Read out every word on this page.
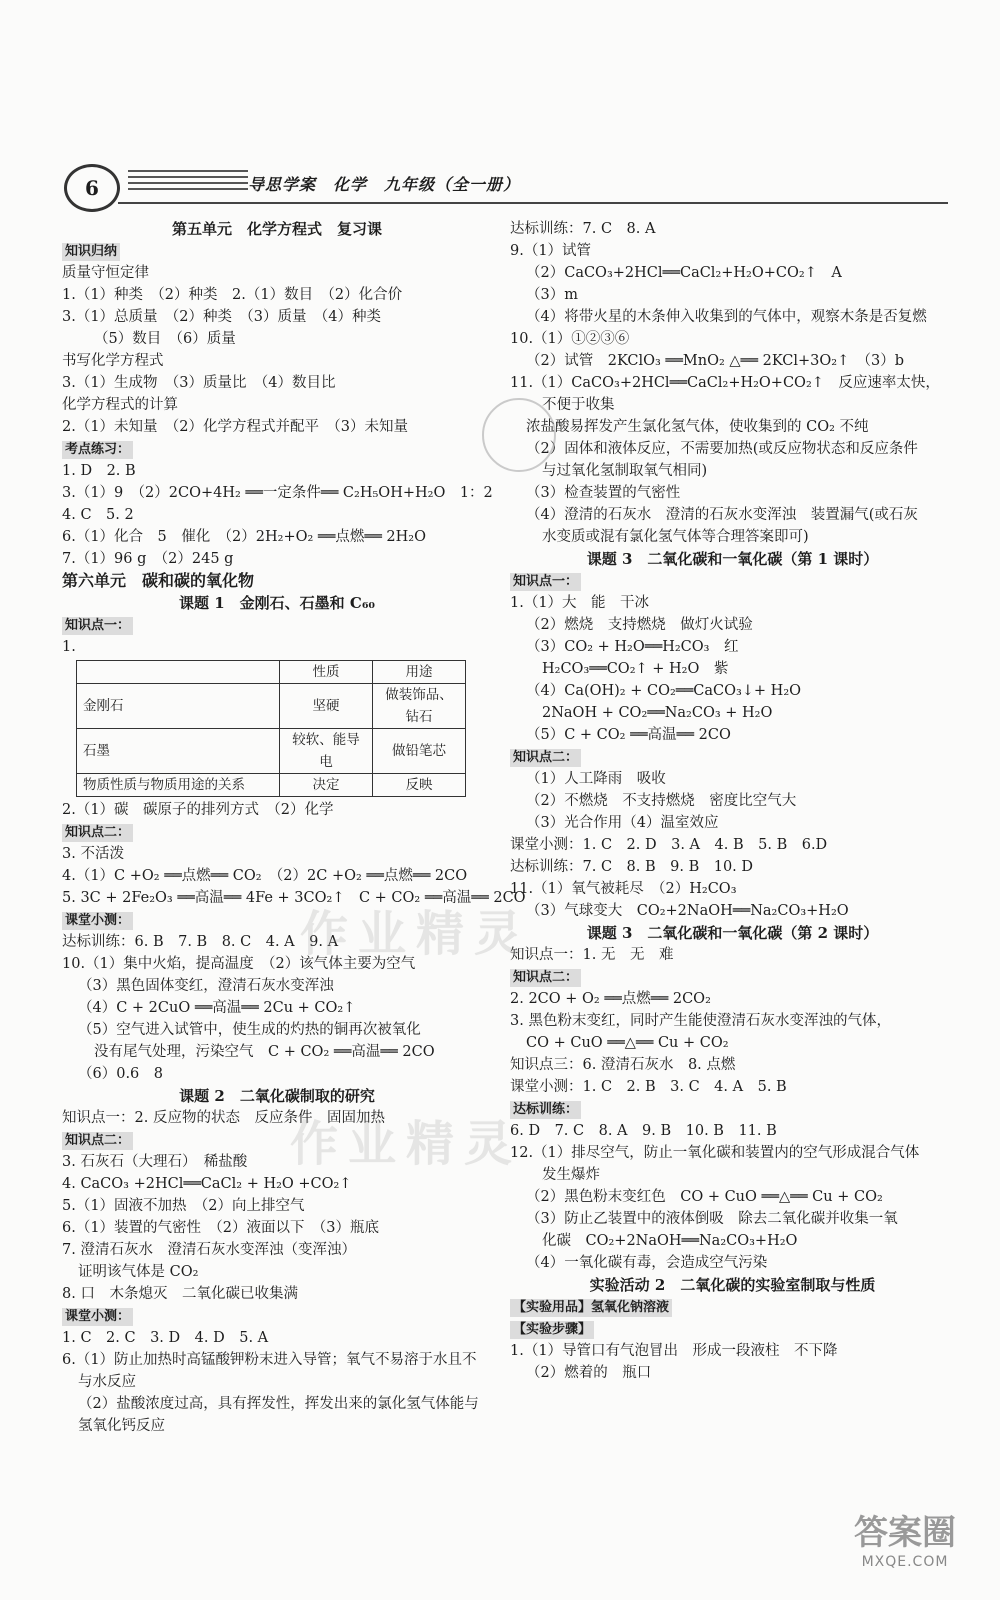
6	导思学案　化学　九年级（全一册）
第五单元　化学方程式　复习课
知识归纳
质量守恒定律
1.（1）种类　（2）种类　2.（1）数目　（2）化合价
3.（1）总质量　（2）种类　（3）质量　（4）种类
（5）数目　（6）质量
书写化学方程式
3.（1）生成物　（3）质量比　（4）数目比
化学方程式的计算
2.（1）未知量　（2）化学方程式并配平　（3）未知量
考点练习：
1. D　2. B
3.（1）9　（2）2CO+4H₂ ══一定条件══ C₂H₅OH+H₂O　1：2
4. C　5. 2
6.（1）化合　5　催化　（2）2H₂+O₂ ══点燃══ 2H₂O
7.（1）96 g　（2）245 g
第六单元　碳和碳的氧化物
课题 1　金刚石、石墨和 C₆₀
知识点一：
1.
	性质	用途
金刚石	坚硬	做装饰品、钻石
石墨	较软、能导电	做铅笔芯
物质性质与物质用途的关系	决定	反映
2.（1）碳　碳原子的排列方式　（2）化学
知识点二：
3. 不活泼
4.（1）C +O₂ ══点燃══ CO₂　（2）2C +O₂ ══点燃══ 2CO
5. 3C + 2Fe₂O₃ ══高温══ 4Fe + 3CO₂↑　C + CO₂ ══高温══ 2CO
课堂小测：
达标训练：6. B　7. B　8. C　4. A　9. A
10.（1）集中火焰，提高温度　（2）该气体主要为空气
（3）黑色固体变红，澄清石灰水变浑浊
（4）C + 2CuO ══高温══ 2Cu + CO₂↑
（5）空气进入试管中，使生成的灼热的铜再次被氧化
没有尾气处理，污染空气　C + CO₂ ══高温══ 2CO
（6）0.6　8
课题 2　二氧化碳制取的研究
知识点一：2. 反应物的状态　反应条件　固固加热
知识点二：
3. 石灰石（大理石）　稀盐酸
4. CaCO₃ +2HCl══CaCl₂ + H₂O +CO₂↑
5.（1）固液不加热　（2）向上排空气
6.（1）装置的气密性　（2）液面以下　（3）瓶底
7. 澄清石灰水　澄清石灰水变浑浊（变浑浊）
证明该气体是 CO₂
8. 口　木条熄灭　二氧化碳已收集满
课堂小测：
1. C　2. C　3. D　4. D　5. A
6.（1）防止加热时高锰酸钾粉末进入导管；氧气不易溶于水且不
与水反应
（2）盐酸浓度过高，具有挥发性，挥发出来的氯化氢气体能与
氢氧化钙反应
达标训练：7. C　8. A
9.（1）试管
（2）CaCO₃+2HCl══CaCl₂+H₂O+CO₂↑　A
（3）m
（4）将带火星的木条伸入收集到的气体中，观察木条是否复燃
10.（1）①②③⑥
（2）试管　2KClO₃ ══MnO₂ △══ 2KCl+3O₂↑　（3）b
11.（1）CaCO₃+2HCl══CaCl₂+H₂O+CO₂↑　反应速率太快，
不便于收集
浓盐酸易挥发产生氯化氢气体，使收集到的 CO₂ 不纯
（2）固体和液体反应，不需要加热(或反应物状态和反应条件
与过氧化氢制取氧气相同)
（3）检查装置的气密性
（4）澄清的石灰水　澄清的石灰水变浑浊　装置漏气(或石灰
水变质或混有氯化氢气体等合理答案即可)
课题 3　二氧化碳和一氧化碳（第 1 课时）
知识点一：
1.（1）大　能　干冰
（2）燃烧　支持燃烧　做灯火试验
（3）CO₂ + H₂O══H₂CO₃　红
H₂CO₃══CO₂↑ + H₂O　紫
（4）Ca(OH)₂ + CO₂══CaCO₃↓+ H₂O
2NaOH + CO₂══Na₂CO₃ + H₂O
（5）C + CO₂ ══高温══ 2CO
知识点二：
（1）人工降雨　吸收
（2）不燃烧　不支持燃烧　密度比空气大
（3）光合作用（4）温室效应
课堂小测：1. C　2. D　3. A　4. B　5. B　6.D
达标训练：7. C　8. B　9. B　10. D
11.（1）氧气被耗尽　（2）H₂CO₃
（3）气球变大　CO₂+2NaOH══Na₂CO₃+H₂O
课题 3　二氧化碳和一氧化碳（第 2 课时）
知识点一：1. 无　无　难
知识点二：
2. 2CO + O₂ ══点燃══ 2CO₂
3. 黑色粉末变红，同时产生能使澄清石灰水变浑浊的气体，
CO + CuO ══△══ Cu + CO₂
知识点三：6. 澄清石灰水　8. 点燃
课堂小测：1. C　2. B　3. C　4. A　5. B
达标训练：
6. D　7. C　8. A　9. B　10. B　11. B
12.（1）排尽空气，防止一氧化碳和装置内的空气形成混合气体
发生爆炸
（2）黑色粉末变红色　CO + CuO ══△══ Cu + CO₂
（3）防止乙装置中的液体倒吸　除去二氧化碳并收集一氧
化碳　CO₂+2NaOH══Na₂CO₃+H₂O
（4）一氧化碳有毒，会造成空气污染
实验活动 2　二氧化碳的实验室制取与性质
【实验用品】氢氧化钠溶液
【实验步骤】
1.（1）导管口有气泡冒出　形成一段液柱　不下降
（2）燃着的　瓶口
作业精灵
作业精灵
答案圈
MXQE.COM
